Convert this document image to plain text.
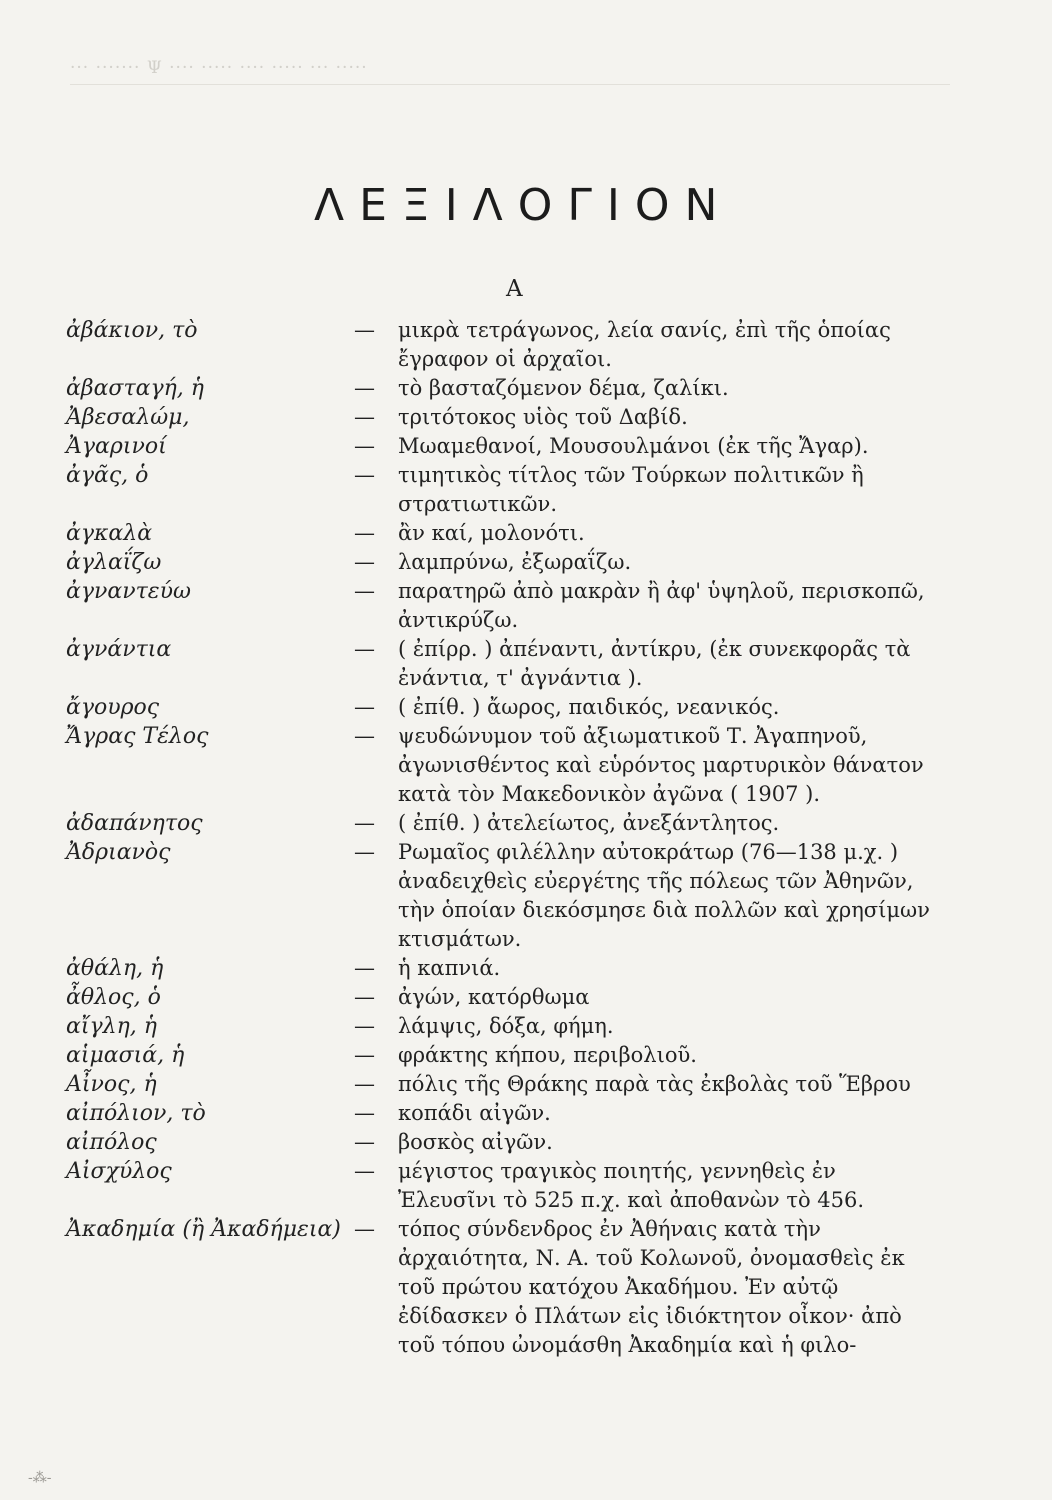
··· ······· Ψ ···· ····· ···· ····· ··· ·····
ΛΕΞΙΛΟΓΙΟΝ
Α
ἀβάκιον, τὸ	— μικρὰ τετράγωνος, λεία σανίς, ἐπὶ τῆς ὁποίας ἔγραφον οἱ ἀρχαῖοι.
ἀβασταγή, ἡ	— τὸ βασταζόμενον δέμα, ζαλίκι.
Ἀβεσαλώμ,	— τριτότοκος υἱὸς τοῦ Δαβίδ.
Ἀγαρινοί	— Μωαμεθανοί, Μουσουλμάνοι (ἐκ τῆς Ἄγαρ).
ἀγᾶς, ὁ	— τιμητικὸς τίτλος τῶν Τούρκων πολιτικῶν ἢ στρατιωτικῶν.
ἀγκαλὰ	— ἂν καί, μολονότι.
ἀγλαΐζω	— λαμπρύνω, ἐξωραΐζω.
ἀγναντεύω	— παρατηρῶ ἀπὸ μακρὰν ἢ ἀφ' ὑψηλοῦ, περισκοπῶ, ἀντικρύζω.
ἀγνάντια	— ( ἐπίρρ. ) ἀπέναντι, ἀντίκρυ, (ἐκ συνεκφορᾶς τὰ ἐνάντια, τ' ἀγνάντια ).
ἄγουρος	— ( ἐπίθ. ) ἄωρος, παιδικός, νεανικός.
Ἄγρας Τέλος	— ψευδώνυμον τοῦ ἀξιωματικοῦ Τ. Ἀγαπηνοῦ, ἀγωνισθέντος καὶ εὑρόντος μαρτυρικὸν θάνατον κατὰ τὸν Μακεδονικὸν ἀγῶνα ( 1907 ).
ἀδαπάνητος	— ( ἐπίθ. ) ἀτελείωτος, ἀνεξάντλητος.
Ἀδριανὸς	— Ρωμαῖος φιλέλλην αὐτοκράτωρ (76—138 μ.χ. ) ἀναδειχθεὶς εὐεργέτης τῆς πόλεως τῶν Ἀθηνῶν, τὴν ὁποίαν διεκόσμησε διὰ πολλῶν καὶ χρησίμων κτισμάτων.
ἀθάλη, ἡ	— ἡ καπνιά.
ἆθλος, ὁ	— ἀγών, κατόρθωμα
αἴγλη, ἡ	— λάμψις, δόξα, φήμη.
αἱμασιά, ἡ	— φράκτης κήπου, περιβολιοῦ.
Αἶνος, ἡ	— πόλις τῆς Θράκης παρὰ τὰς ἐκβολὰς τοῦ Ἕβρου
αἰπόλιον, τὸ	— κοπάδι αἰγῶν.
αἰπόλος	— βοσκὸς αἰγῶν.
Αἰσχύλος	— μέγιστος τραγικὸς ποιητής, γεννηθεὶς ἐν Ἐλευσῖνι τὸ 525 π.χ. καὶ ἀποθανὼν τὸ 456.
Ἀκαδημία (ἢ Ἀκαδήμεια) — τόπος σύνδενδρος ἐν Ἀθήναις κατὰ τὴν ἀρχαιότητα, Ν. Α. τοῦ Κολωνοῦ, ὀνομασθεὶς ἐκ τοῦ πρώτου κατόχου Ἀκαδήμου. Ἐν αὐτῷ ἐδίδασκεν ὁ Πλάτων εἰς ἰδιόκτητον οἶκον· ἀπὸ τοῦ τόπου ὠνομάσθη Ἀκαδημία καὶ ἡ φιλο-
-⁂-
